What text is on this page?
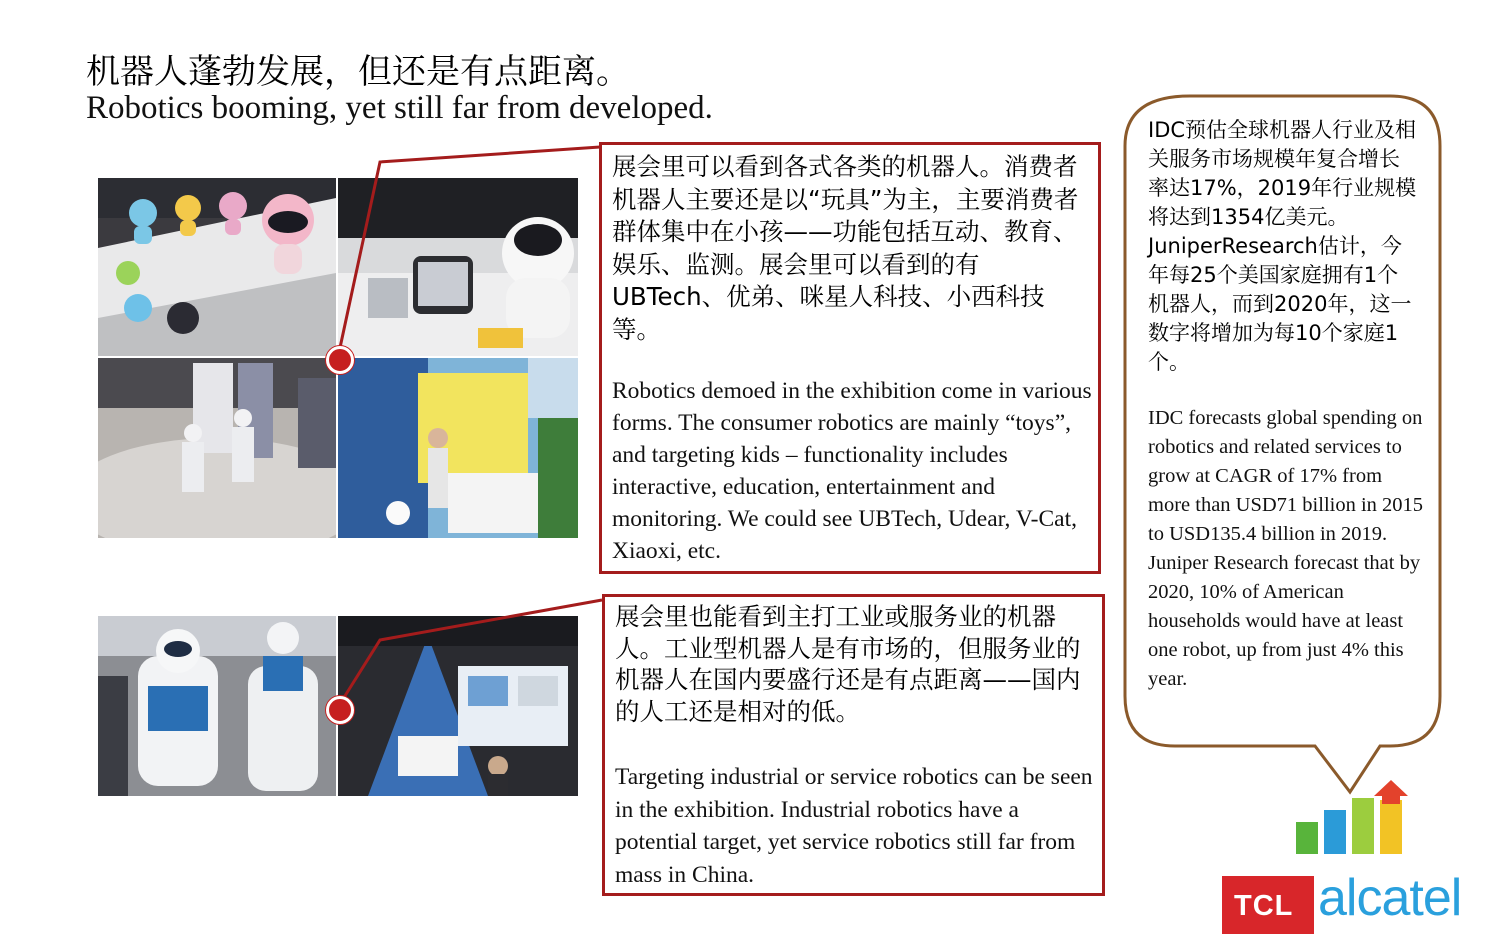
机器人蓬勃发展，但还是有点距离。
Robotics booming, yet still far from developed.
展会里可以看到各式各类的机器人。消费者机器人主要还是以“玩具”为主，主要消费者群体集中在小孩——功能包括互动、教育、娱乐、监测。展会里可以看到的有UBTech、优弟、咪星人科技、小西科技等。
Robotics demoed in the exhibition come in various forms. The consumer robotics are mainly “toys”, and targeting kids – functionality includes interactive, education, entertainment and monitoring. We could see UBTech, Udear, V-Cat, Xiaoxi, etc.
展会里也能看到主打工业或服务业的机器人。工业型机器人是有市场的，但服务业的机器人在国内要盛行还是有点距离——国内的人工还是相对的低。
Targeting industrial or service robotics can be seen in the exhibition. Industrial robotics have a potential target, yet service robotics still far from mass in China.
IDC预估全球机器人行业及相关服务市场规模年复合增长率达17%，2019年行业规模将达到1354亿美元。JuniperResearch估计，今年每25个美国家庭拥有1个机器人，而到2020年，这一数字将增加为每10个家庭1个。
IDC forecasts global spending on robotics and related services to grow at CAGR of 17% from more than USD71 billion in 2015 to USD135.4 billion in 2019. Juniper Research forecast that by 2020, 10% of American households would have at least one robot, up from just 4% this year.
TCL alcatel
